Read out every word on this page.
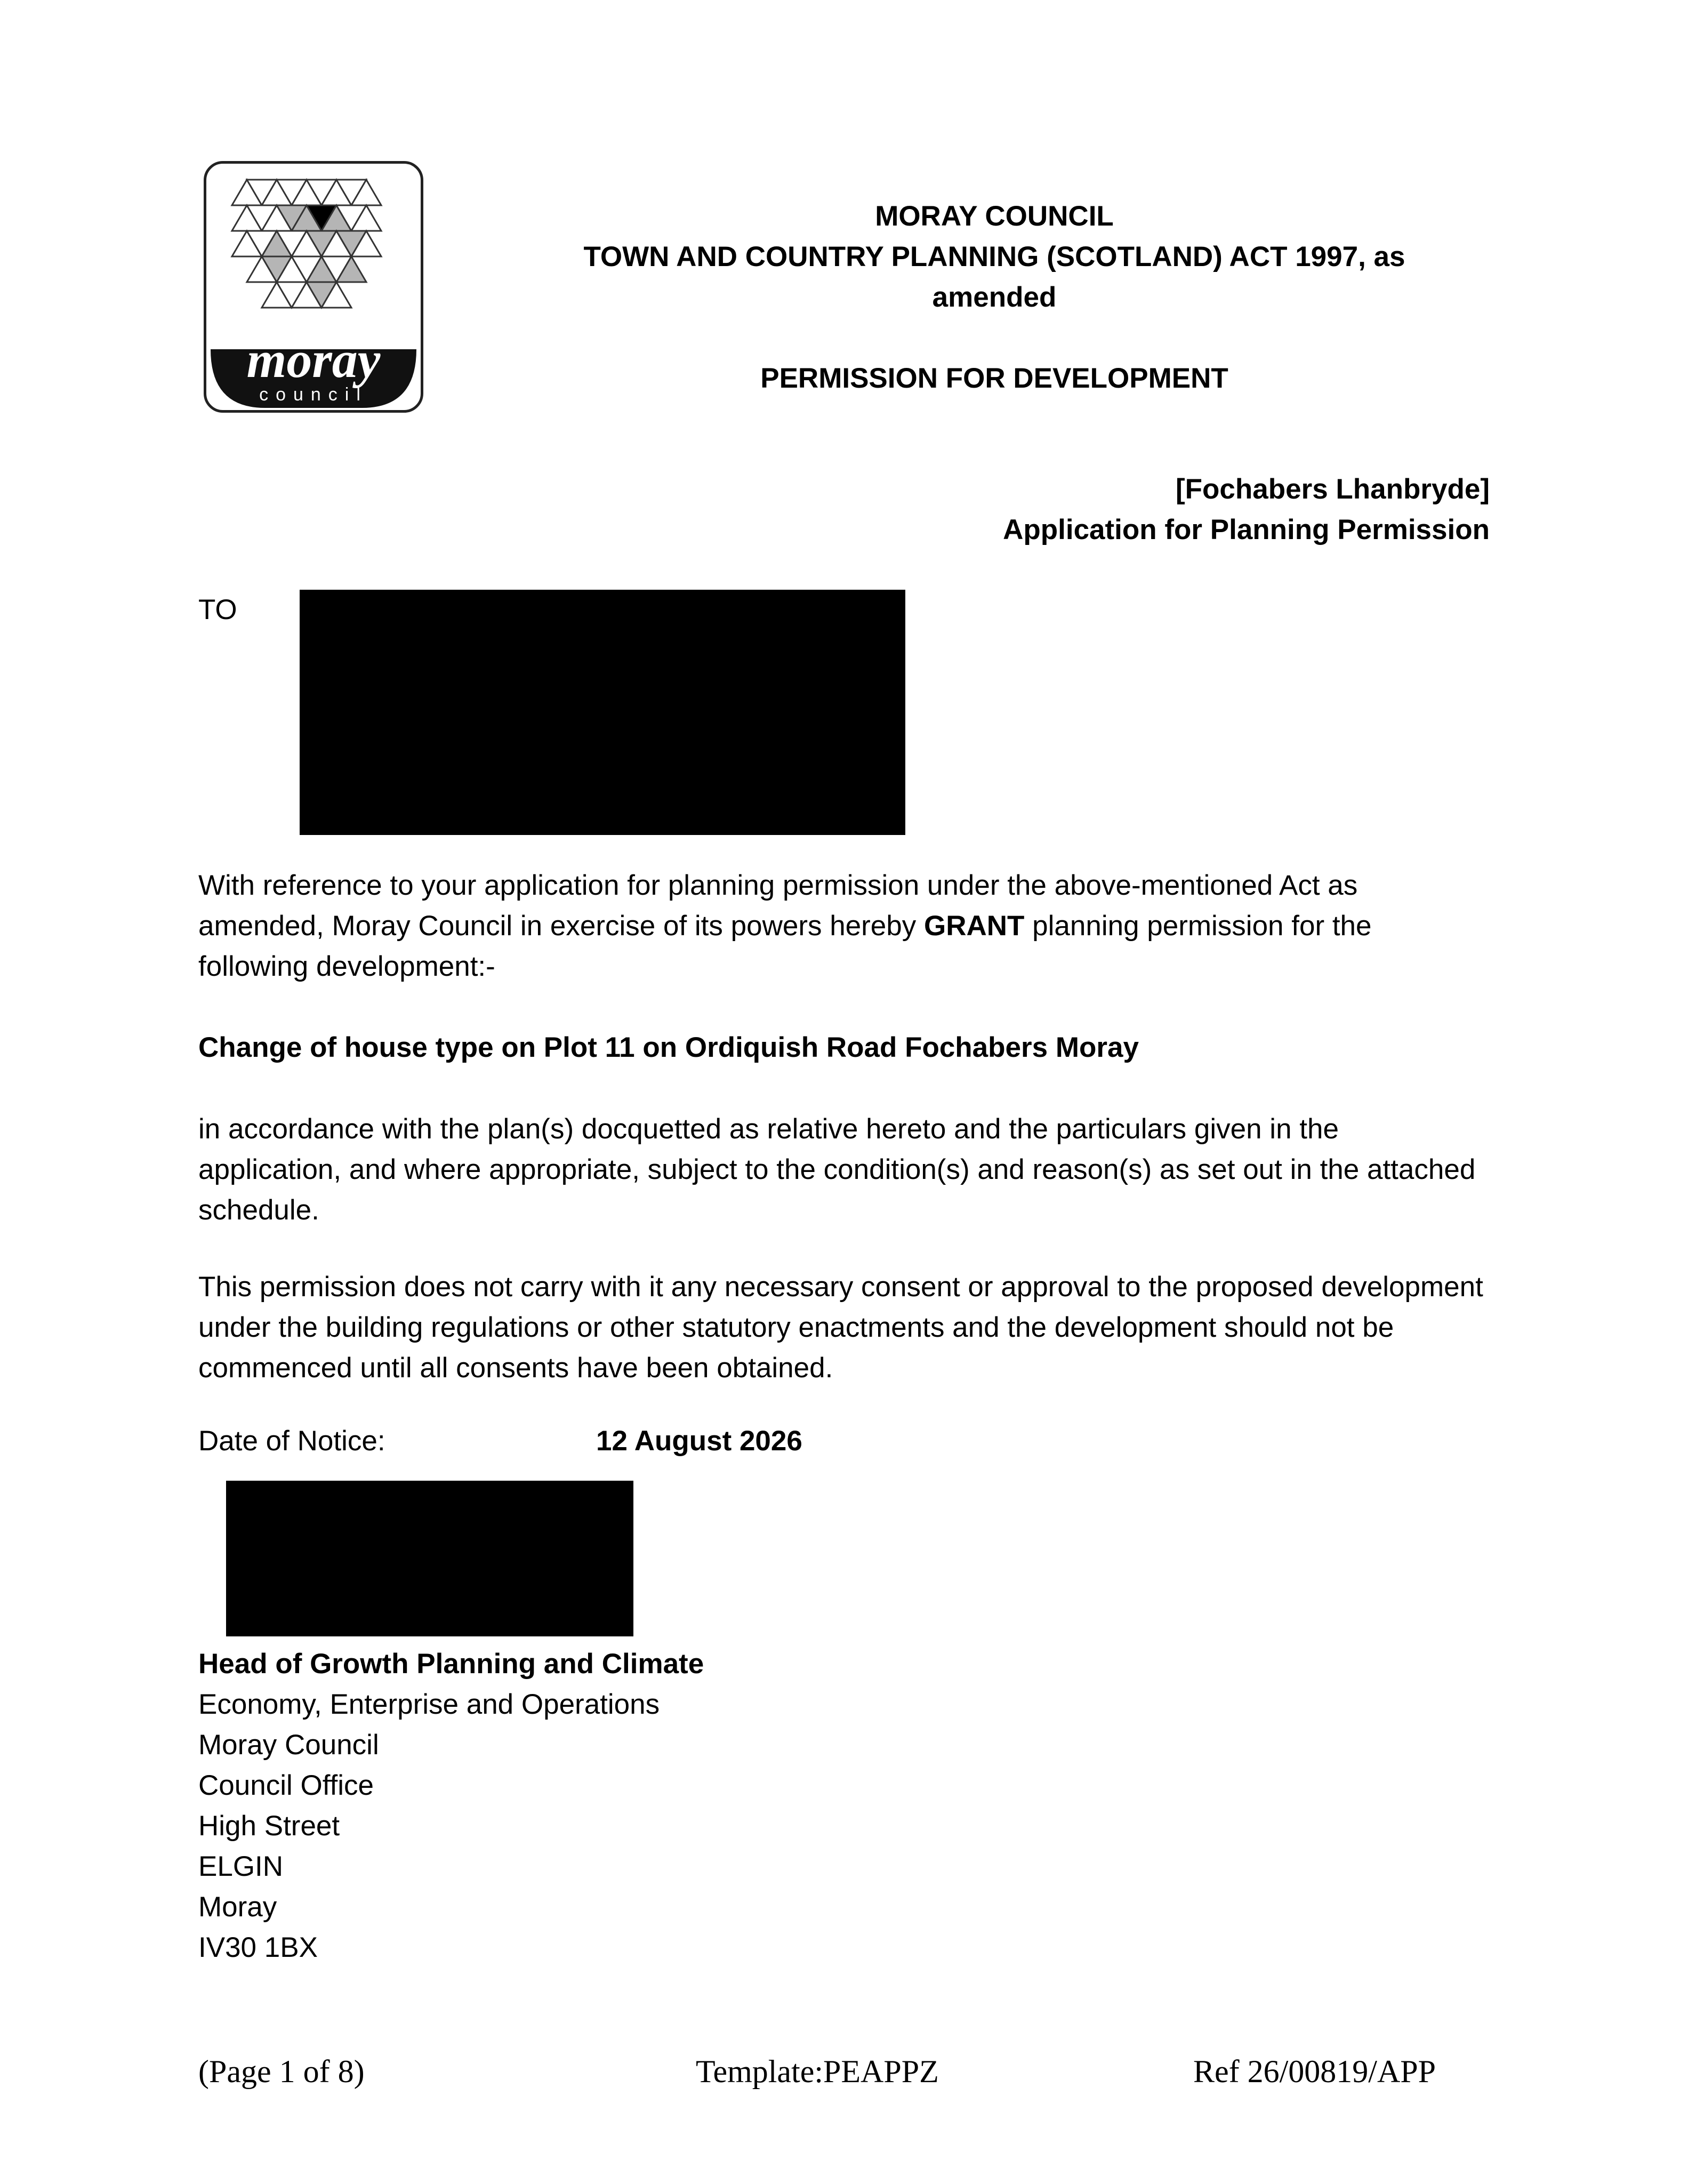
moray
council
MORAY COUNCIL
TOWN AND COUNTRY PLANNING (SCOTLAND) ACT 1997, as
amended
PERMISSION FOR DEVELOPMENT
[Fochabers Lhanbryde]
Application for Planning Permission
TO
With reference to your application for planning permission under the above-mentioned Act as amended, Moray Council in exercise of its powers hereby GRANT planning permission for the following development:-
Change of house type on Plot 11 on Ordiquish Road Fochabers Moray
in accordance with the plan(s) docquetted as relative hereto and the particulars given in the application, and where appropriate, subject to the condition(s) and reason(s) as set out in the attached schedule.
This permission does not carry with it any necessary consent or approval to the proposed development under the building regulations or other statutory enactments and the development should not be commenced until all consents have been obtained.
Date of Notice:	12 August 2026
Head of Growth Planning and Climate
Economy, Enterprise and Operations
Moray Council
Council Office
High Street
ELGIN
Moray
IV30 1BX
(Page 1 of 8)	Template:PEAPPZ	Ref 26/00819/APP
